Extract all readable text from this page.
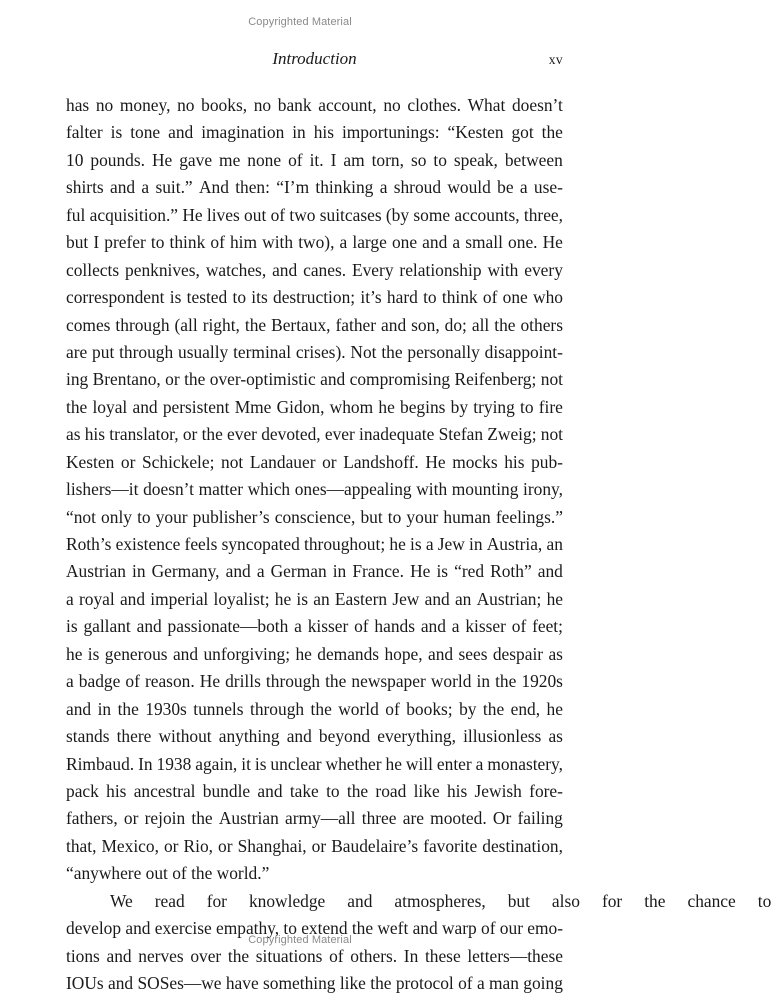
Copyrighted Material
Introduction	xv
has no money, no books, no bank account, no clothes. What doesn’t
falter is tone and imagination in his importunings: “Kesten got the
10 pounds. He gave me none of it. I am torn, so to speak, between
shirts and a suit.” And then: “I’m thinking a shroud would be a use-
ful acquisition.” He lives out of two suitcases (by some accounts, three,
but I prefer to think of him with two), a large one and a small one. He
collects penknives, watches, and canes. Every relationship with every
correspondent is tested to its destruction; it’s hard to think of one who
comes through (all right, the Bertaux, father and son, do; all the others
are put through usually terminal crises). Not the personally disappoint-
ing Brentano, or the over-optimistic and compromising Reifenberg; not
the loyal and persistent Mme Gidon, whom he begins by trying to fire
as his translator, or the ever devoted, ever inadequate Stefan Zweig; not
Kesten or Schickele; not Landauer or Landshoff. He mocks his pub-
lishers—it doesn’t matter which ones—appealing with mounting irony,
“not only to your publisher’s conscience, but to your human feelings.”
Roth’s existence feels syncopated throughout; he is a Jew in Austria, an
Austrian in Germany, and a German in France. He is “red Roth” and
a royal and imperial loyalist; he is an Eastern Jew and an Austrian; he
is gallant and passionate—both a kisser of hands and a kisser of feet;
he is generous and unforgiving; he demands hope, and sees despair as
a badge of reason. He drills through the newspaper world in the 1920s
and in the 1930s tunnels through the world of books; by the end, he
stands there without anything and beyond everything, illusionless as
Rimbaud. In 1938 again, it is unclear whether he will enter a monastery,
pack his ancestral bundle and take to the road like his Jewish fore-
fathers, or rejoin the Austrian army—all three are mooted. Or failing
that, Mexico, or Rio, or Shanghai, or Baudelaire’s favorite destination,
“anywhere out of the world.”
We	read	for	knowledge	and	atmospheres,	but	also	for	the	chance	to
develop and exercise empathy, to extend the weft and warp of our emo-
tions and nerves over the situations of others. In these letters—these
IOUs and SOSes—we have something like the protocol of a man going
Copyrighted Material
